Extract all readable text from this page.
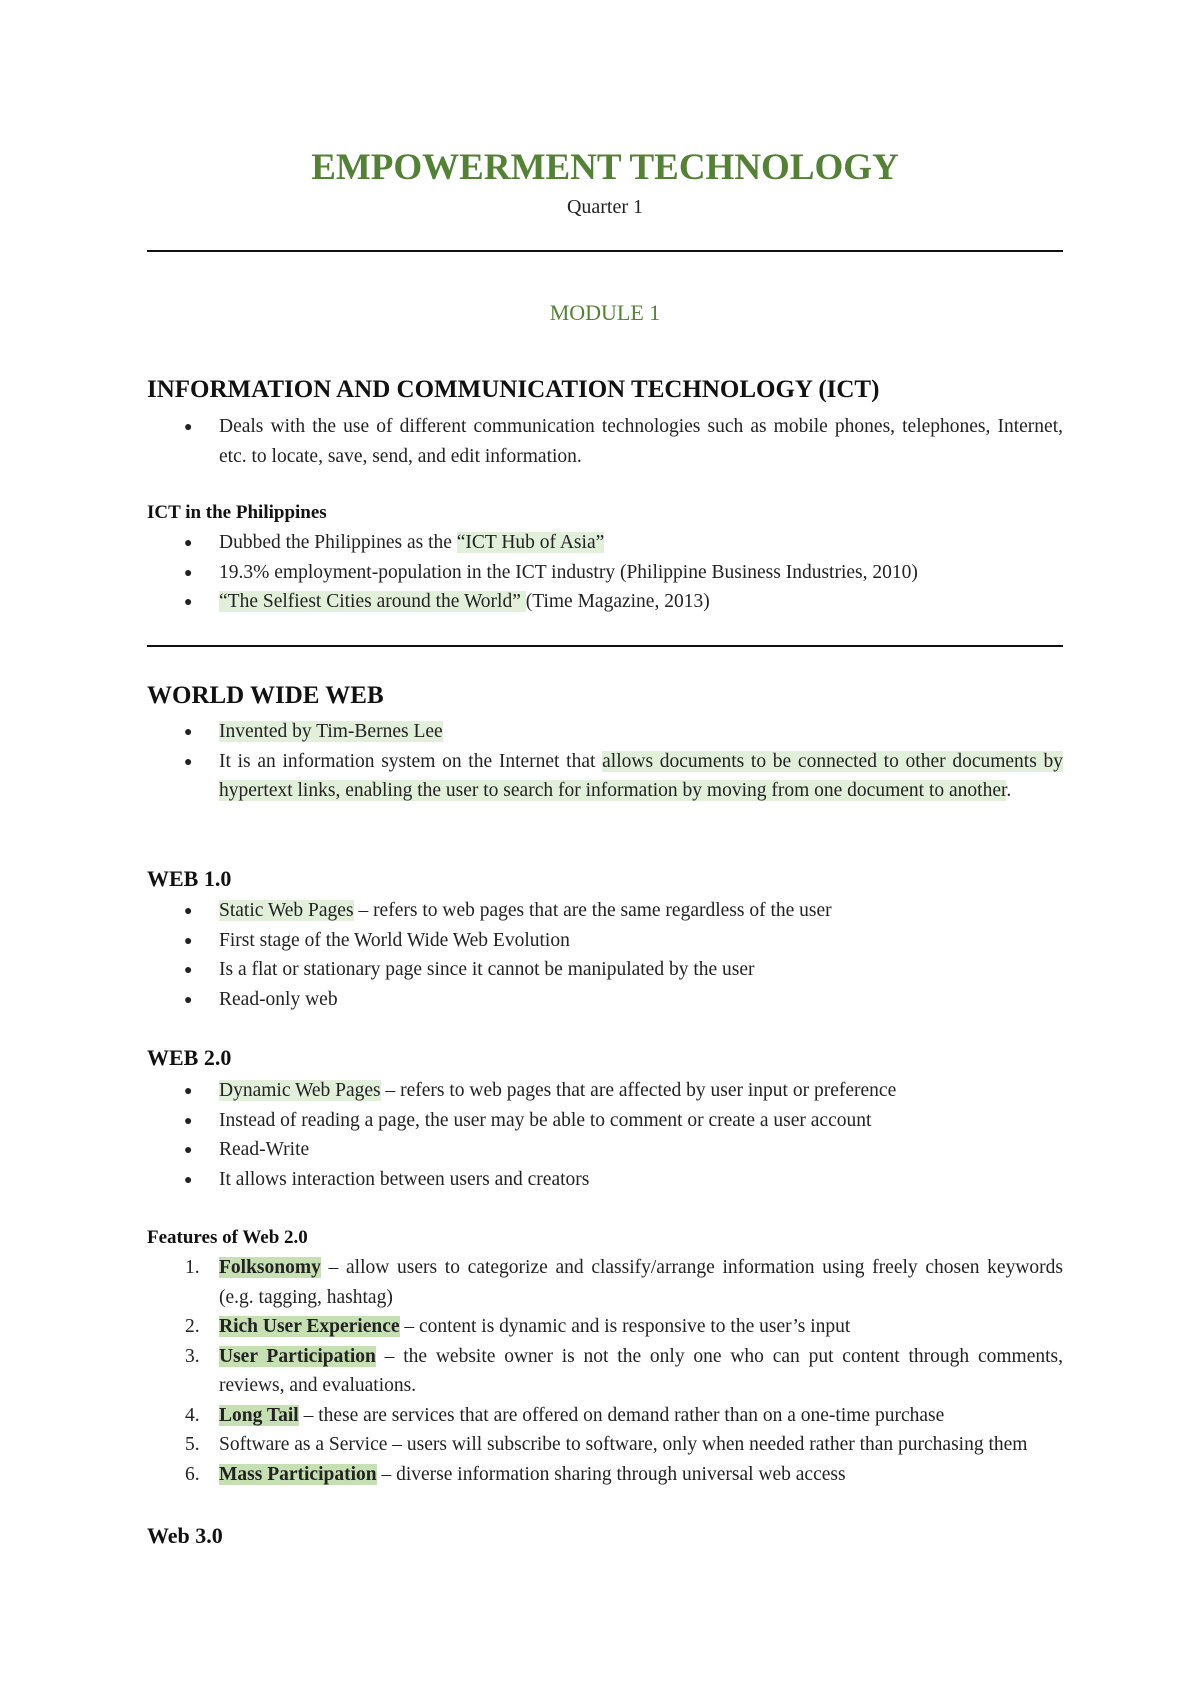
EMPOWERMENT TECHNOLOGY
Quarter 1
MODULE 1
INFORMATION AND COMMUNICATION TECHNOLOGY (ICT)
●	Deals with the use of different communication technologies such as mobile phones, telephones, Internet, etc. to locate, save, send, and edit information.
ICT in the Philippines
●	Dubbed the Philippines as the “ICT Hub of Asia”
●	19.3% employment-population in the ICT industry (Philippine Business Industries, 2010)
●	“The Selfiest Cities around the World” (Time Magazine, 2013)
WORLD WIDE WEB
●	Invented by Tim-Bernes Lee
●	It is an information system on the Internet that allows documents to be connected to other documents by hypertext links, enabling the user to search for information by moving from one document to another.
WEB 1.0
●	Static Web Pages – refers to web pages that are the same regardless of the user
●	First stage of the World Wide Web Evolution
●	Is a flat or stationary page since it cannot be manipulated by the user
●	Read-only web
WEB 2.0
●	Dynamic Web Pages – refers to web pages that are affected by user input or preference
●	Instead of reading a page, the user may be able to comment or create a user account
●	Read-Write
●	It allows interaction between users and creators
Features of Web 2.0
1. Folksonomy – allow users to categorize and classify/arrange information using freely chosen keywords (e.g. tagging, hashtag)
2. Rich User Experience – content is dynamic and is responsive to the user’s input
3. User Participation – the website owner is not the only one who can put content through comments, reviews, and evaluations.
4. Long Tail – these are services that are offered on demand rather than on a one-time purchase
5. Software as a Service – users will subscribe to software, only when needed rather than purchasing them
6. Mass Participation – diverse information sharing through universal web access
Web 3.0
